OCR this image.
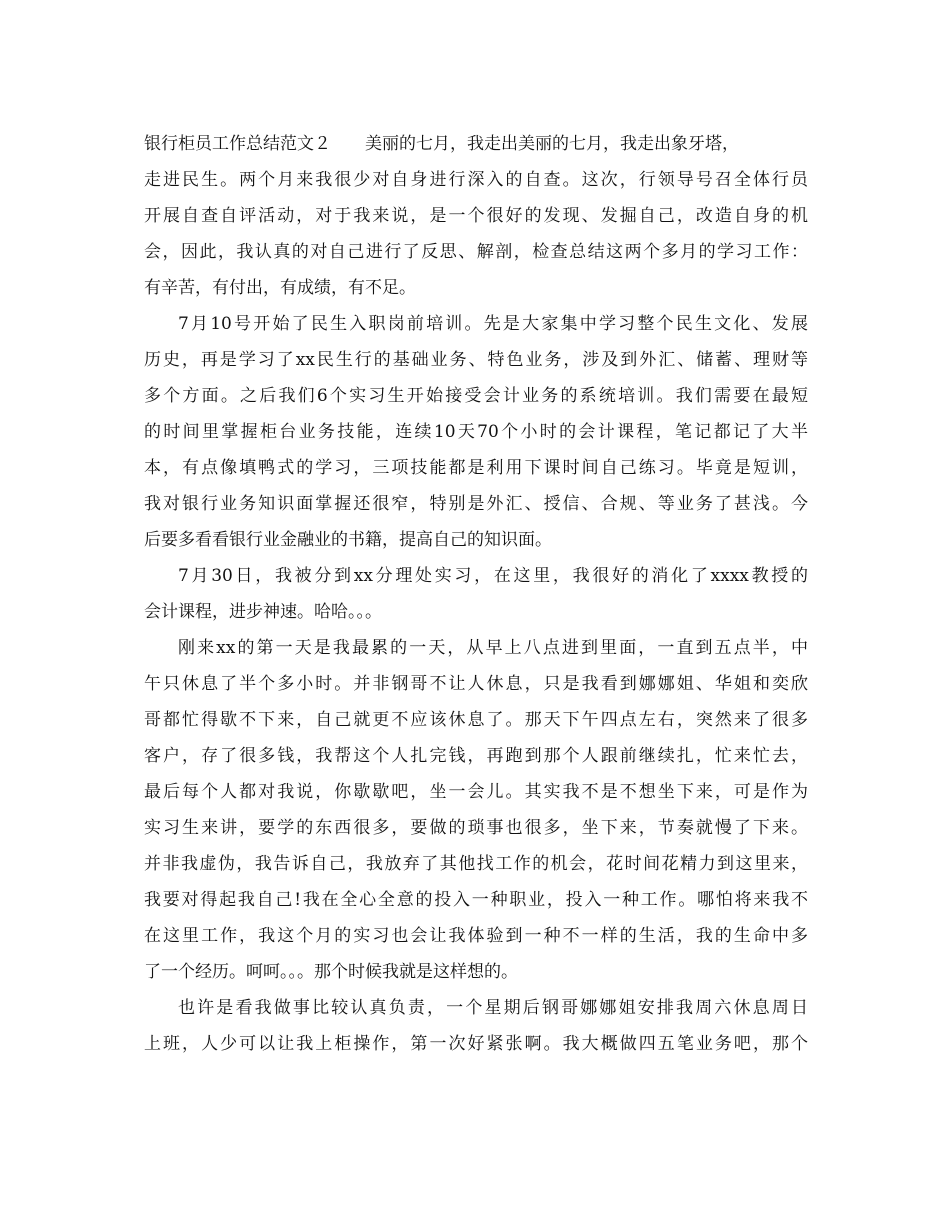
银行柜员工作总结范文２　　美丽的七月，我走出美丽的七月，我走出象牙塔，
走进民生。两个月来我很少对自身进行深入的自查。这次，行领导号召全体行员
开展自查自评活动，对于我来说，是一个很好的发现、发掘自己，改造自身的机
会，因此，我认真的对自己进行了反思、解剖，检查总结这两个多月的学习工作：
有辛苦，有付出，有成绩，有不足。
7月10号开始了民生入职岗前培训。先是大家集中学习整个民生文化、发展
历史，再是学习了xx民生行的基础业务、特色业务，涉及到外汇、储蓄、理财等
多个方面。之后我们6个实习生开始接受会计业务的系统培训。我们需要在最短
的时间里掌握柜台业务技能，连续10天70个小时的会计课程，笔记都记了大半
本，有点像填鸭式的学习，三项技能都是利用下课时间自己练习。毕竟是短训，
我对银行业务知识面掌握还很窄，特别是外汇、授信、合规、等业务了甚浅。今
后要多看看银行业金融业的书籍，提高自己的知识面。
7月30日，我被分到xx分理处实习，在这里，我很好的消化了xxxx教授的
会计课程，进步神速。哈哈。。。
刚来xx的第一天是我最累的一天，从早上八点进到里面，一直到五点半，中
午只休息了半个多小时。并非钢哥不让人休息，只是我看到娜娜姐、华姐和奕欣
哥都忙得歇不下来，自己就更不应该休息了。那天下午四点左右，突然来了很多
客户，存了很多钱，我帮这个人扎完钱，再跑到那个人跟前继续扎，忙来忙去，
最后每个人都对我说，你歇歇吧，坐一会儿。其实我不是不想坐下来，可是作为
实习生来讲，要学的东西很多，要做的琐事也很多，坐下来，节奏就慢了下来。
并非我虚伪，我告诉自己，我放弃了其他找工作的机会，花时间花精力到这里来，
我要对得起我自己!我在全心全意的投入一种职业，投入一种工作。哪怕将来我不
在这里工作，我这个月的实习也会让我体验到一种不一样的生活，我的生命中多
了一个经历。呵呵。。。那个时候我就是这样想的。
也许是看我做事比较认真负责，一个星期后钢哥娜娜姐安排我周六休息周日
上班，人少可以让我上柜操作，第一次好紧张啊。我大概做四五笔业务吧，那个
